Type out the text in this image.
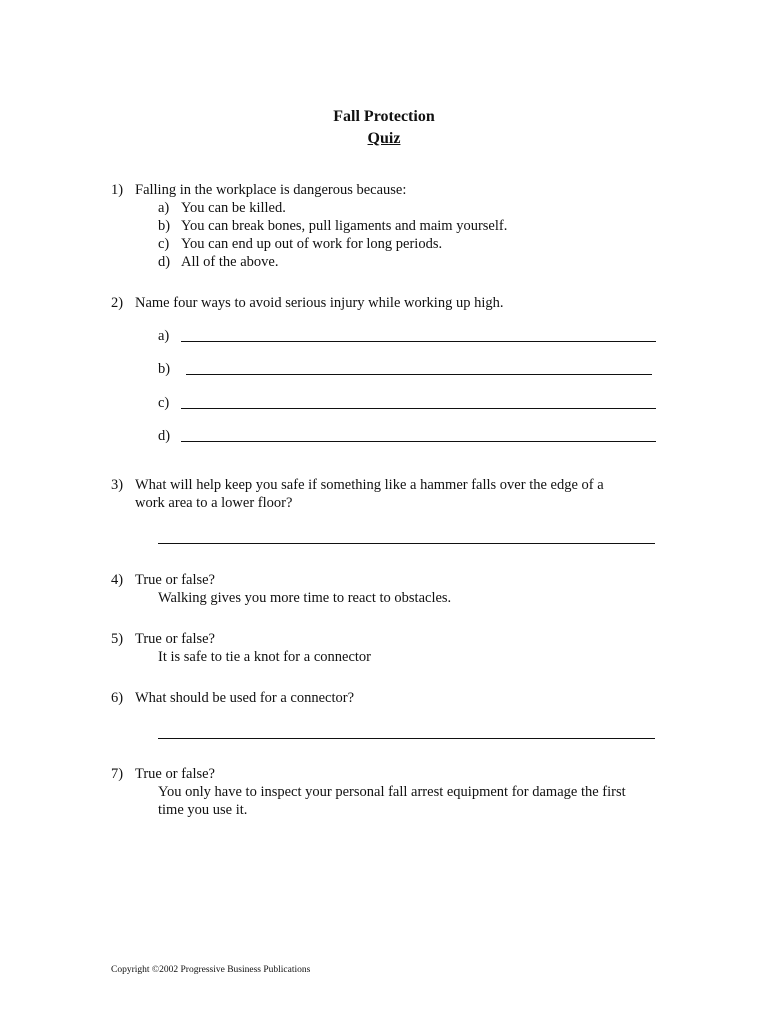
Fall Protection
Quiz
1) Falling in the workplace is dangerous because:
a) You can be killed.
b) You can break bones, pull ligaments and maim yourself.
c) You can end up out of work for long periods.
d) All of the above.
2) Name four ways to avoid serious injury while working up high.
a)
b)
c)
d)
3) What will help keep you safe if something like a hammer falls over the edge of a
work area to a lower floor?
4) True or false?
Walking gives you more time to react to obstacles.
5) True or false?
It is safe to tie a knot for a connector
6) What should be used for a connector?
7) True or false?
You only have to inspect your personal fall arrest equipment for damage the first
time you use it.
Copyright ©2002 Progressive Business Publications
